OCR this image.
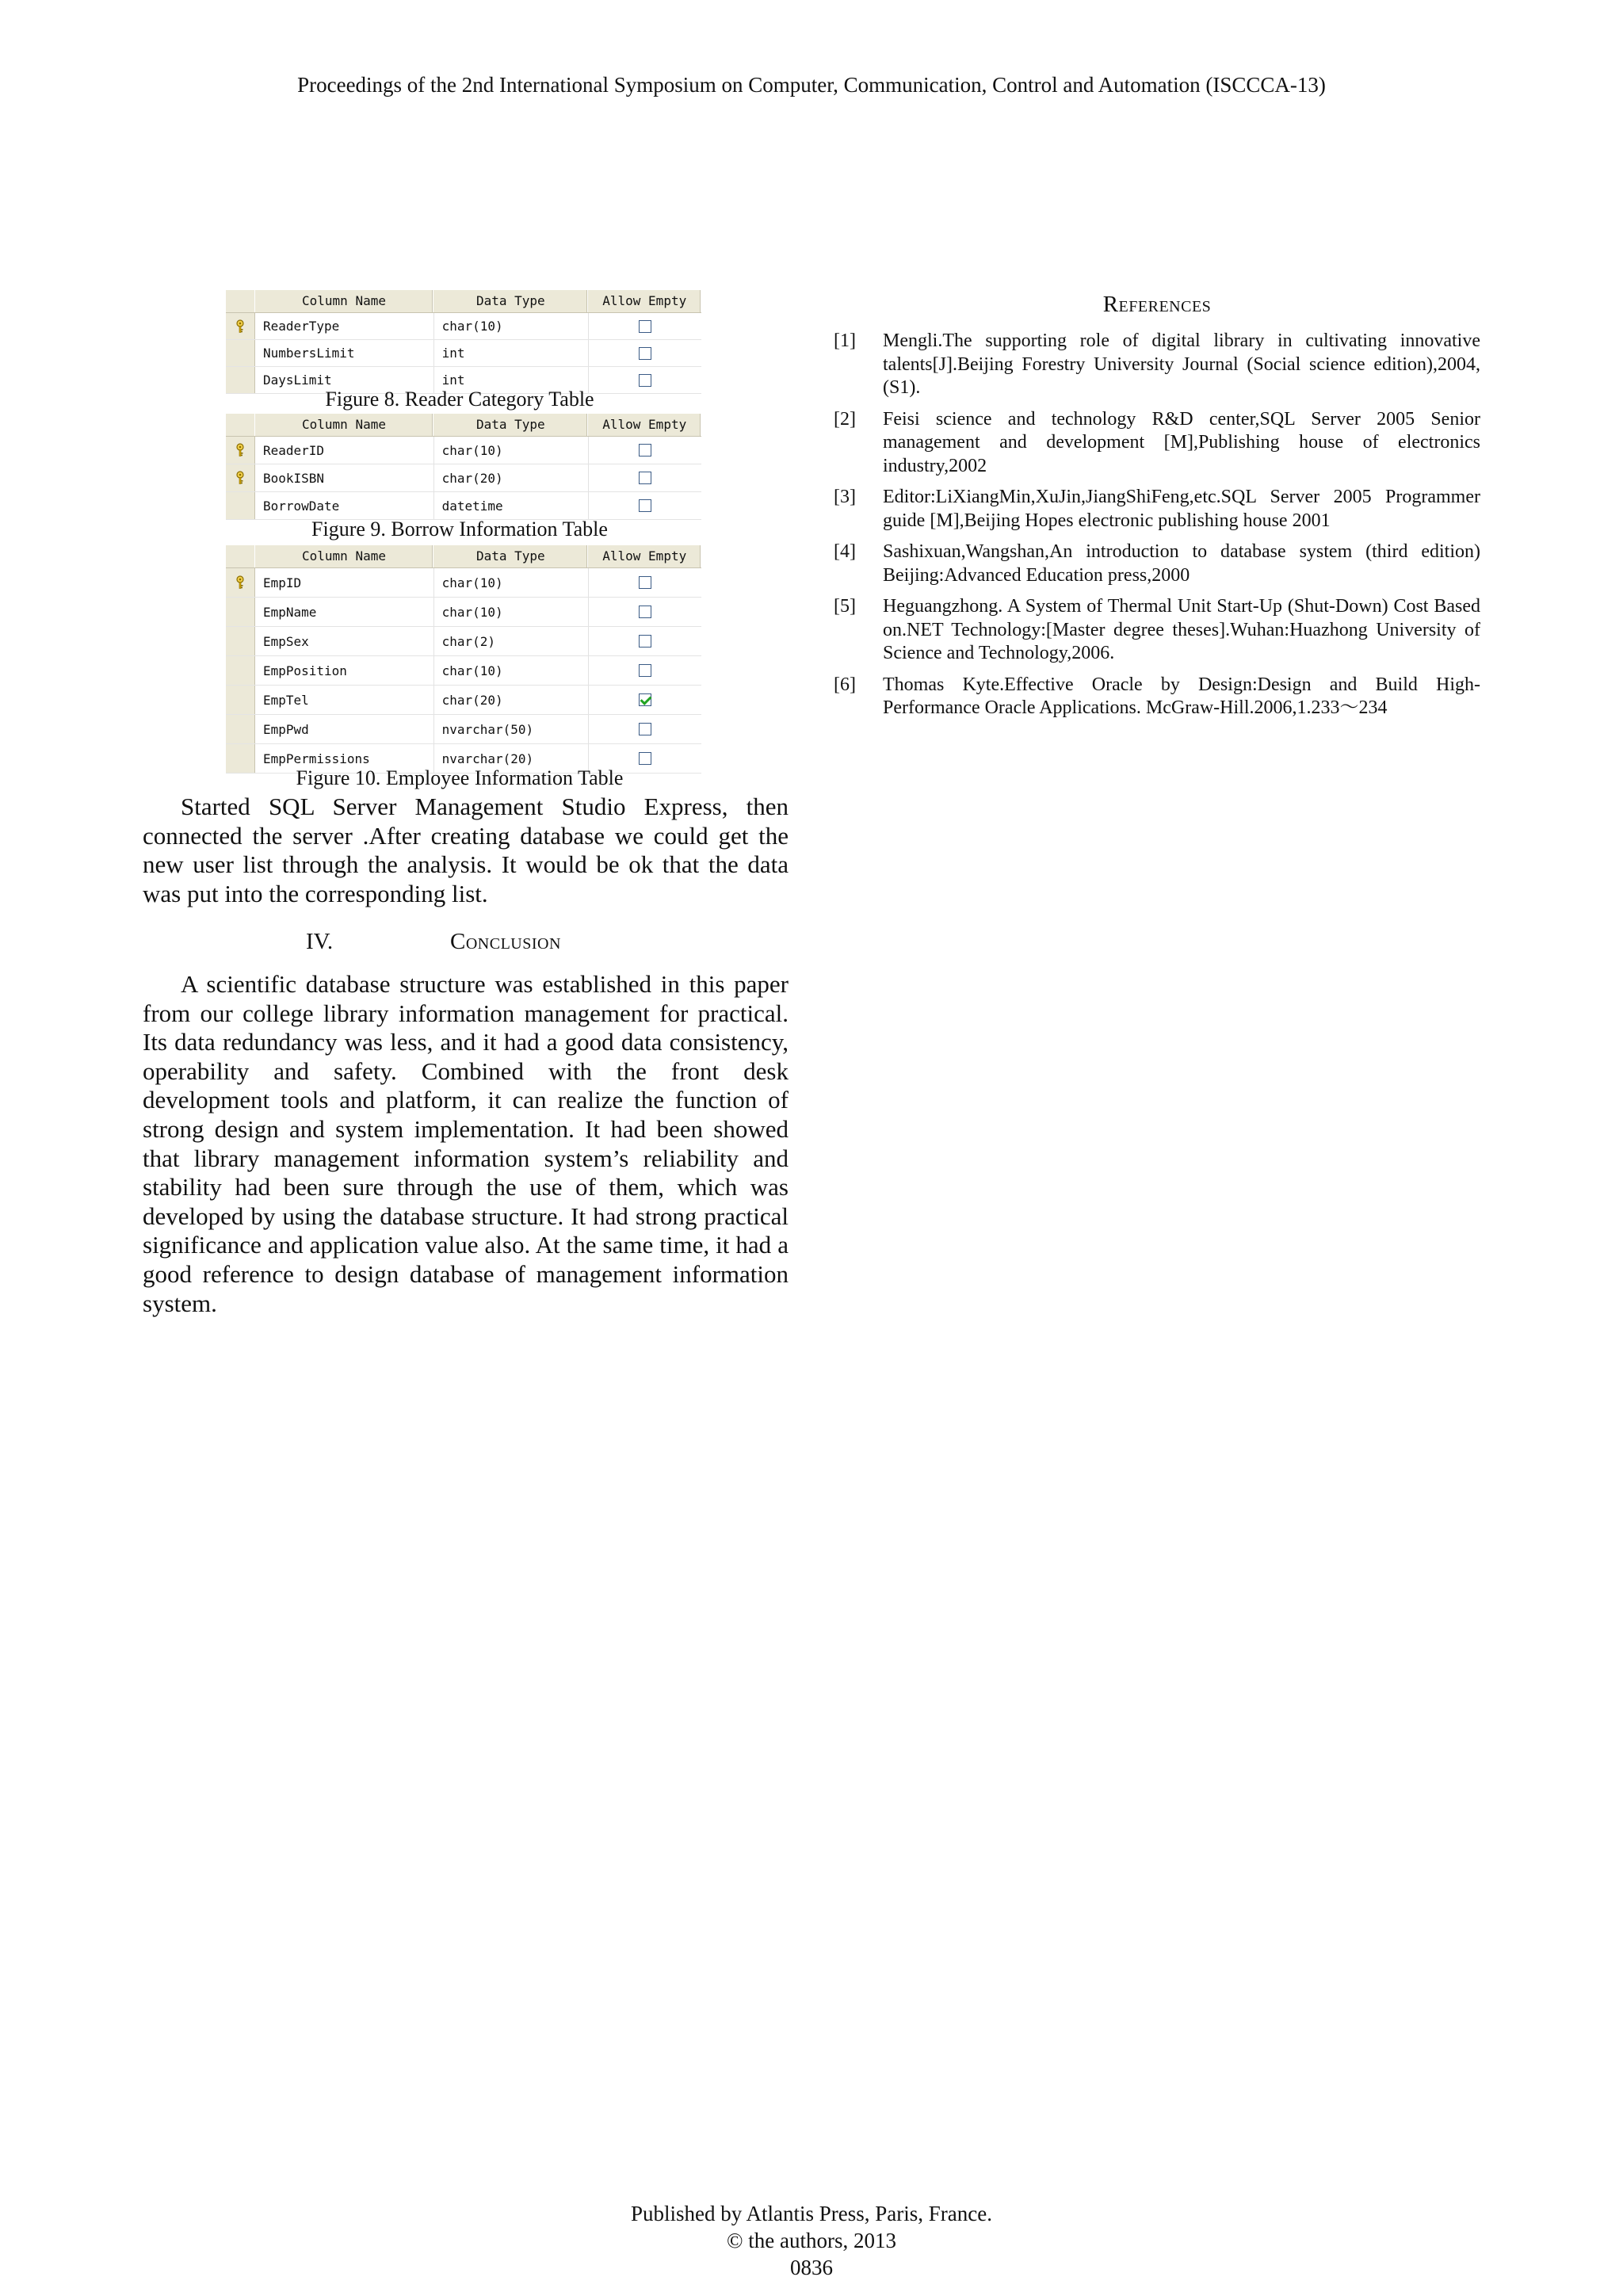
Proceedings of the 2nd International Symposium on Computer, Communication, Control and Automation (ISCCCA-13)
Column Name	Data Type	Allow Empty
ReaderType	char(10)
NumbersLimit	int
DaysLimit	int
Figure 8. Reader Category Table
Column Name	Data Type	Allow Empty
ReaderID	char(10)
BookISBN	char(20)
BorrowDate	datetime
Figure 9. Borrow Information Table
Column Name	Data Type	Allow Empty
EmpID	char(10)
EmpName	char(10)
EmpSex	char(2)
EmpPosition	char(10)
EmpTel	char(20)
EmpPwd	nvarchar(50)
EmpPermissions	nvarchar(20)
Figure 10. Employee Information Table

Started SQL Server Management Studio Express, then connected the server .After creating database we could get the new user list through the analysis. It would be ok that the data was put into the corresponding list.

IV.	Conclusion

A scientific database structure was established in this paper from our college library information management for practical. Its data redundancy was less, and it had a good data consistency, operability and safety. Combined with the front desk development tools and platform, it can realize the function of strong design and system implementation. It had been showed that library management information system’s reliability and stability had been sure through the use of them, which was developed by using the database structure. It had strong practical significance and application value also. At the same time, it had a good reference to design database of management information system.

References
[1]	Mengli.The supporting role of digital library in cultivating innovative talents[J].Beijing Forestry University Journal (Social science edition),2004,(S1).
[2]	Feisi science and technology R&D center,SQL Server 2005 Senior management and development [M],Publishing house of electronics industry,2002
[3]	Editor:LiXiangMin,XuJin,JiangShiFeng,etc.SQL Server 2005 Programmer guide [M],Beijing Hopes electronic publishing house 2001
[4]	Sashixuan,Wangshan,An introduction to database system (third edition) Beijing:Advanced Education press,2000
[5]	Heguangzhong. A System of Thermal Unit Start-Up (Shut-Down) Cost Based on.NET Technology:[Master degree theses].Wuhan:Huazhong University of Science and Technology,2006.
[6]	Thomas Kyte.Effective Oracle by Design:Design and Build High-Performance Oracle Applications. McGraw-Hill.2006,1.233～234
Published by Atlantis Press, Paris, France.
© the authors, 2013
0836
